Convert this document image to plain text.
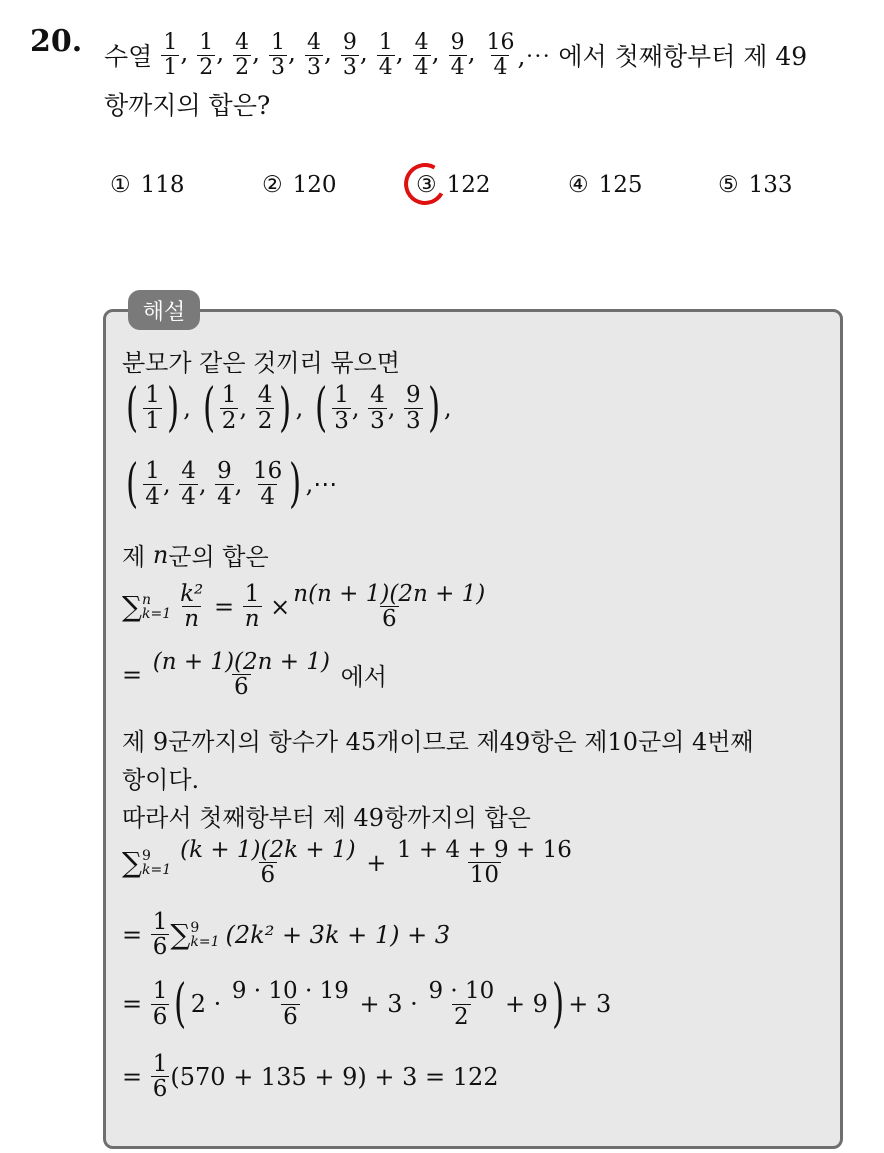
20. 수열 $\frac{1}{1}$ , $\frac{1}{2}$ , $\frac{4}{2}$ , $\frac{1}{3}$ , $\frac{4}{3}$ , $\frac{9}{3}$ , $\frac{1}{4}$ , $\frac{4}{4}$ , $\frac{9}{4}$ , $\frac{16}{4}$ ,⋯ 에서 첫째항부터 제 49
항까지의 합은?
① 118	② 120	③ 122	④ 125	⑤ 133
해설
분모가 같은 것끼리 묶으면
( $\frac{1}{1}$ ) , ( $\frac{1}{2}$ , $\frac{4}{2}$ ) , ( $\frac{1}{3}$ , $\frac{4}{3}$ , $\frac{9}{3}$ ) ,
( $\frac{1}{4}$ , $\frac{4}{4}$ , $\frac{9}{4}$ , $\frac{16}{4}$ ) ,⋯
제
n 군의 합은
∑ n
$k=1 \frac{\text{k²}}{n}$
=
$\frac{1}{n}$
× $\frac{n(n + 1)(2n + 1)}{6}$
=
$\frac{(n + 1)(2n + 1)}{6}$
에서
제 9군까지의 항수가 45개이므로 제49항은 제10군의 4번째
항이다.
따라서 첫째항부터 제 49항까지의 합은
∑ 9
$k=1 \frac{(k + 1)(2k + 1)}{6}$
+
$\frac{1 + 4 + 9 + 16}{10}$
=
$\frac{1}{6}$ ∑ 9
k=1 (2k² + 3k + 1) + 3
=
$\frac{1}{6}$ ( 2 ·
$\frac{9 \cdot 10 \cdot 19}{6}$
+ 3 ·
$\frac{9 \cdot 10}{2}$
+ 9 ) + 3
=
$\frac{1}{6} (570 + 135 + 9) + 3 = 122$
